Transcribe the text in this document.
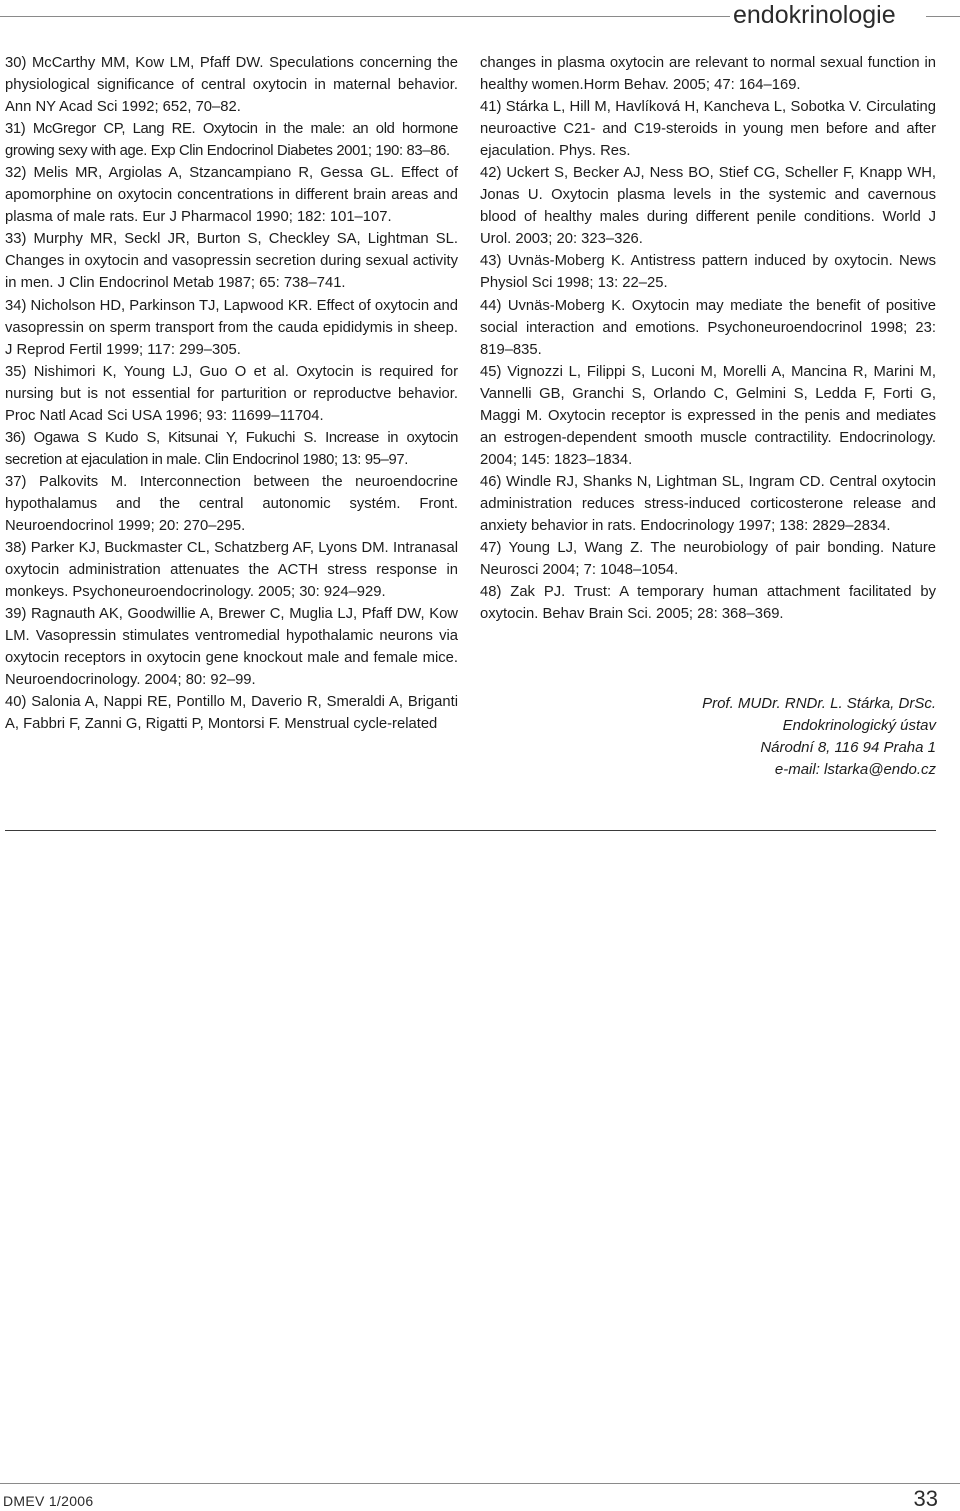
endokrinologie

30) McCarthy MM, Kow LM, Pfaff DW. Speculations concerning the physiological significance of central oxytocin in maternal behavior. Ann NY Acad Sci 1992; 652, 70–82.

31) McGregor CP, Lang RE. Oxytocin in the male: an old hormone growing sexy with age. Exp Clin Endocrinol Diabetes 2001; 190: 83–86.

32) Melis MR, Argiolas A, Stzancampiano R, Gessa GL. Effect of apomorphine on oxytocin concentrations in different brain areas and plasma of male rats. Eur J Pharmacol 1990; 182: 101–107.

33) Murphy MR, Seckl JR, Burton S, Checkley SA, Lightman SL. Changes in oxytocin and vasopressin secretion during sexual activity in men. J Clin Endocrinol Metab 1987; 65: 738–741.

34) Nicholson HD, Parkinson TJ, Lapwood KR. Effect of oxytocin and vasopressin on sperm transport from the cauda epididymis in sheep. J Reprod Fertil 1999; 117: 299–305.

35) Nishimori K, Young LJ, Guo O et al. Oxytocin is required for nursing but is not essential for parturition or reproductve behavior. Proc Natl Acad Sci USA 1996; 93: 11699–11704.

36) Ogawa S Kudo S, Kitsunai Y, Fukuchi S. Increase in oxytocin secretion at ejaculation in male. Clin Endocrinol 1980; 13: 95–97.

37) Palkovits M. Interconnection between the neuroendocrine hypothalamus and the central autonomic systém. Front. Neuroendocrinol 1999; 20: 270–295.

38) Parker KJ, Buckmaster CL, Schatzberg AF, Lyons DM. Intranasal oxytocin administration attenuates the ACTH stress response in monkeys. Psychoneuroendocrinology. 2005; 30: 924–929.

39) Ragnauth AK, Goodwillie A, Brewer C, Muglia LJ, Pfaff DW, Kow LM. Vasopressin stimulates ventromedial hypothalamic neurons via oxytocin receptors in oxytocin gene knockout male and female mice. Neuroendocrinology. 2004; 80: 92–99.

40) Salonia A, Nappi RE, Pontillo M, Daverio R, Smeraldi A, Briganti A, Fabbri F, Zanni G, Rigatti P, Montorsi F. Menstrual cycle-related

changes in plasma oxytocin are relevant to normal sexual function in healthy women.Horm Behav. 2005; 47: 164–169.

41) Stárka L, Hill M, Havlíková H, Kancheva L, Sobotka V. Circulating neuroactive C21- and C19-steroids in young men before and after ejaculation. Phys. Res.

42) Uckert S, Becker AJ, Ness BO, Stief CG, Scheller F, Knapp WH, Jonas U. Oxytocin plasma levels in the systemic and cavernous blood of healthy males during different penile conditions. World J Urol. 2003; 20: 323–326.

43) Uvnäs-Moberg K. Antistress pattern induced by oxytocin. News Physiol Sci 1998; 13: 22–25.

44) Uvnäs-Moberg K. Oxytocin may mediate the benefit of positive social interaction and emotions. Psychoneuroendocrinol 1998; 23: 819–835.

45) Vignozzi L, Filippi S, Luconi M, Morelli A, Mancina R, Marini M, Vannelli GB, Granchi S, Orlando C, Gelmini S, Ledda F, Forti G, Maggi M. Oxytocin receptor is expressed in the penis and mediates an estrogen-dependent smooth muscle contractility. Endocrinology. 2004; 145: 1823–1834.

46) Windle RJ, Shanks N, Lightman SL, Ingram CD. Central oxytocin administration reduces stress-induced corticosterone release and anxiety behavior in rats. Endocrinology 1997; 138: 2829–2834.

47) Young LJ, Wang Z. The neurobiology of pair bonding. Nature Neurosci 2004; 7: 1048–1054.

48) Zak PJ. Trust: A temporary human attachment facilitated by oxytocin. Behav Brain Sci. 2005; 28: 368–369.

Prof. MUDr. RNDr. L. Stárka, DrSc.
Endokrinologický ústav
Národní 8, 116 94 Praha 1
e-mail: lstarka@endo.cz
DMEV 1/2006	33
